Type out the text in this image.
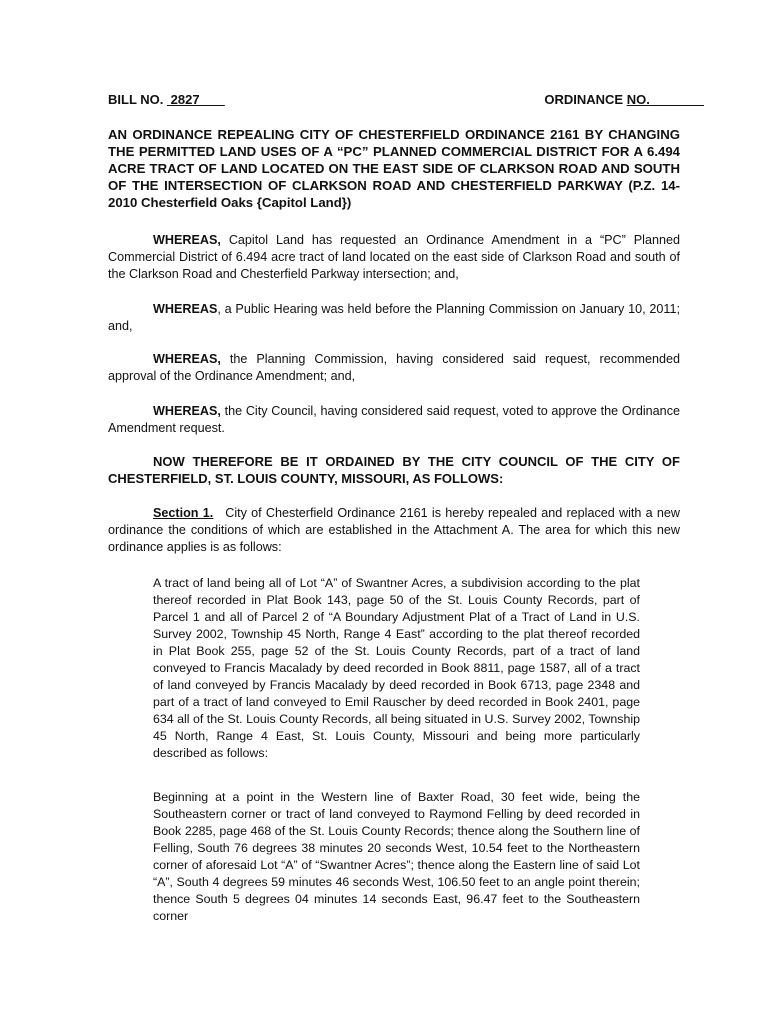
BILL NO. 2827	ORDINANCE NO.
AN ORDINANCE REPEALING CITY OF CHESTERFIELD ORDINANCE 2161 BY CHANGING THE PERMITTED LAND USES OF A “PC” PLANNED COMMERCIAL DISTRICT FOR A 6.494 ACRE TRACT OF LAND LOCATED ON THE EAST SIDE OF CLARKSON ROAD AND SOUTH OF THE INTERSECTION OF CLARKSON ROAD AND CHESTERFIELD PARKWAY (P.Z. 14-2010 Chesterfield Oaks {Capitol Land})
WHEREAS, Capitol Land has requested an Ordinance Amendment in a “PC” Planned Commercial District of 6.494 acre tract of land located on the east side of Clarkson Road and south of the Clarkson Road and Chesterfield Parkway intersection; and,
WHEREAS, a Public Hearing was held before the Planning Commission on January 10, 2011; and,
WHEREAS, the Planning Commission, having considered said request, recommended approval of the Ordinance Amendment; and,
WHEREAS, the City Council, having considered said request, voted to approve the Ordinance Amendment request.
NOW THEREFORE BE IT ORDAINED BY THE CITY COUNCIL OF THE CITY OF CHESTERFIELD, ST. LOUIS COUNTY, MISSOURI, AS FOLLOWS:
Section 1. City of Chesterfield Ordinance 2161 is hereby repealed and replaced with a new ordinance the conditions of which are established in the Attachment A. The area for which this new ordinance applies is as follows:
A tract of land being all of Lot “A” of Swantner Acres, a subdivision according to the plat thereof recorded in Plat Book 143, page 50 of the St. Louis County Records, part of Parcel 1 and all of Parcel 2 of “A Boundary Adjustment Plat of a Tract of Land in U.S. Survey 2002, Township 45 North, Range 4 East” according to the plat thereof recorded in Plat Book 255, page 52 of the St. Louis County Records, part of a tract of land conveyed to Francis Macalady by deed recorded in Book 8811, page 1587, all of a tract of land conveyed by Francis Macalady by deed recorded in Book 6713, page 2348 and part of a tract of land conveyed to Emil Rauscher by deed recorded in Book 2401, page 634 all of the St. Louis County Records, all being situated in U.S. Survey 2002, Township 45 North, Range 4 East, St. Louis County, Missouri and being more particularly described as follows:
Beginning at a point in the Western line of Baxter Road, 30 feet wide, being the Southeastern corner or tract of land conveyed to Raymond Felling by deed recorded in Book 2285, page 468 of the St. Louis County Records; thence along the Southern line of Felling, South 76 degrees 38 minutes 20 seconds West, 10.54 feet to the Northeastern corner of aforesaid Lot “A” of “Swantner Acres”; thence along the Eastern line of said Lot “A”, South 4 degrees 59 minutes 46 seconds West, 106.50 feet to an angle point therein; thence South 5 degrees 04 minutes 14 seconds East, 96.47 feet to the Southeastern corner
